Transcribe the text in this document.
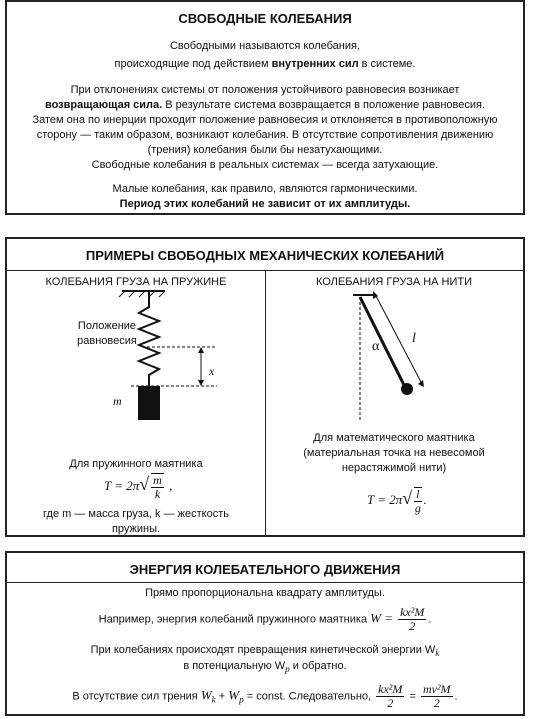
СВОБОДНЫЕ КОЛЕБАНИЯ
Свободными называются колебания,
происходящие под действием внутренних сил в системе.
При отклонениях системы от положения устойчивого равновесия возникает
возвращающая сила. В результате система возвращается в положение равновесия.
Затем она по инерции проходит положение равновесия и отклоняется в противоположную
сторону — таким образом, возникают колебания. В отсутствие сопротивления движению
(трения) колебания были бы незатухающими.
Свободные колебания в реальных системах — всегда затухающие.
Малые колебания, как правило, являются гармоническими.
Период этих колебаний не зависит от их амплитуды.
ПРИМЕРЫ СВОБОДНЫХ МЕХАНИЧЕСКИХ КОЛЕБАНИЙ
КОЛЕБАНИЯ ГРУЗА НА ПРУЖИНЕ	КОЛЕБАНИЯ ГРУЗА НА НИТИ
Положение
равновесия
x
m
α
l
Для пружинного маятника
$T = 2\pi√ \frac{m}{k}$ ,
где m — масса груза, k — жесткость
пружины.
Для математического маятника
(материальная точка на невесомой
нерастяжимой нити)
$T = 2\pi√ \frac{l}{g}$ .
ЭНЕРГИЯ КОЛЕБАТЕЛЬНОГО ДВИЖЕНИЯ
Прямо пропорциональна квадрату амплитуды.
Например, энергия колебаний пружинного маятника $W = \frac{\text{kx²M}}{2}$ .
При колебаниях происходят превращения кинетической энергии $W_k$
в потенциальную $W_p$ и обратно.
В отсутствие сил трения $W_k + W_p$ = const. Следовательно, $\frac{\text{kx²M}}{2} = \frac{\text{mv²M}}{2}$ .
